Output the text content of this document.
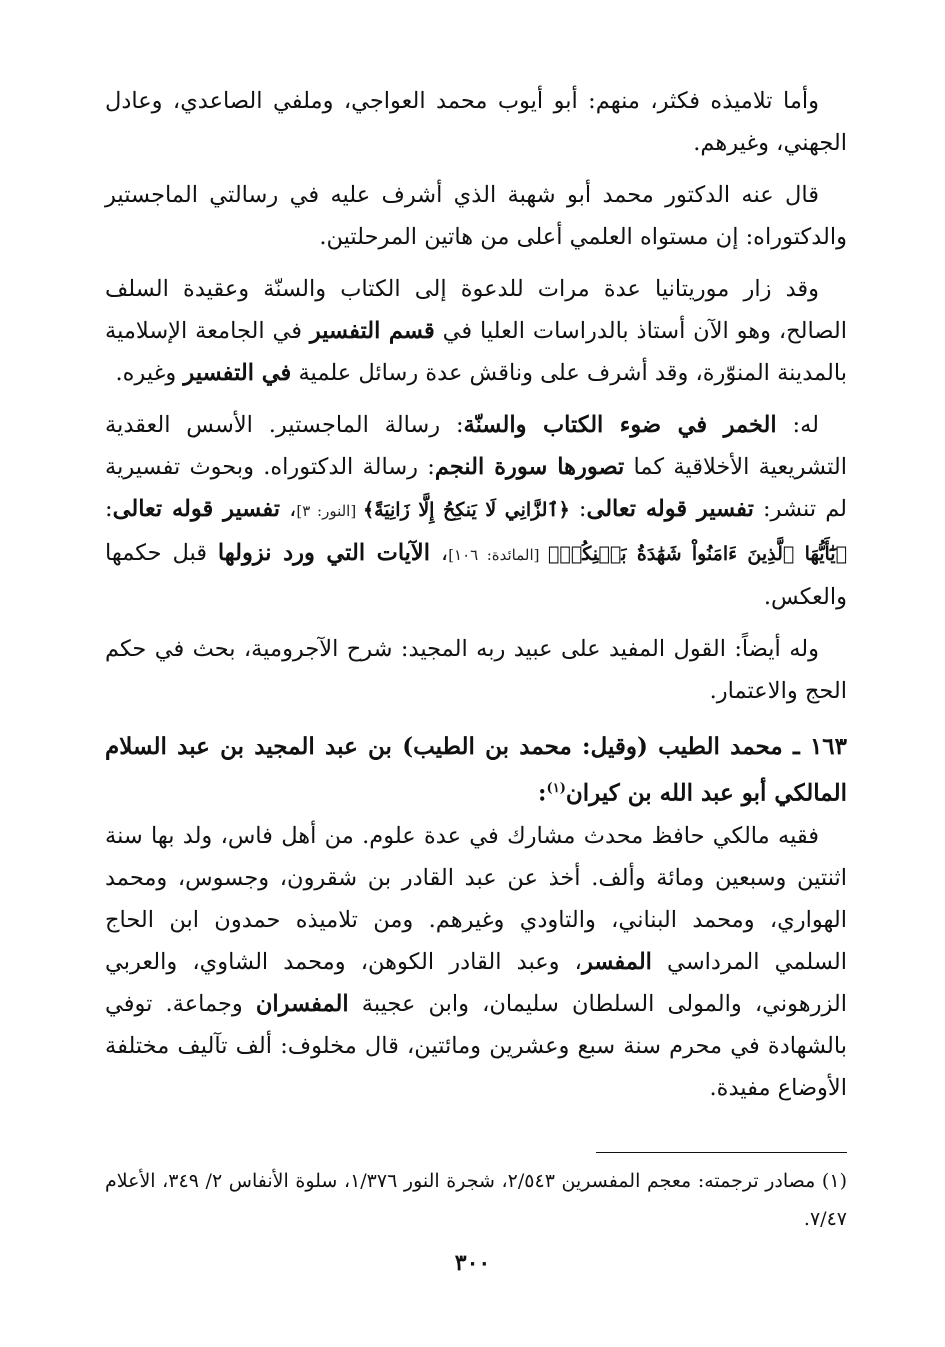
وأما تلاميذه فكثر، منهم: أبو أيوب محمد العواجي، وملفي الصاعدي، وعادل الجهني، وغيرهم.

قال عنه الدكتور محمد أبو شهبة الذي أشرف عليه في رسالتي الماجستير والدكتوراه: إن مستواه العلمي أعلى من هاتين المرحلتين.

وقد زار موريتانيا عدة مرات للدعوة إلى الكتاب والسنّة وعقيدة السلف الصالح، وهو الآن أستاذ بالدراسات العليا في قسم التفسير في الجامعة الإسلامية بالمدينة المنوّرة، وقد أشرف على وناقش عدة رسائل علمية في التفسير وغيره.

له: الخمر في ضوء الكتاب والسنّة: رسالة الماجستير. الأسس العقدية التشريعية الأخلاقية كما تصورها سورة النجم: رسالة الدكتوراه. وبحوث تفسيرية لم تنشر: تفسير قوله تعالى: ﴿ٱلزَّانِي لَا يَنكِحُ إِلَّا زَانِيَةً﴾ [النور: ٣]، تفسير قوله تعالى: ﴿يَٰٓأَيُّهَا ٱلَّذِينَ ءَامَنُواْ شَهَٰدَةُ بَيۡنِكُمۡ﴾ [المائدة: ١٠٦]، الآيات التي ورد نزولها قبل حكمها والعكس.

وله أيضاً: القول المفيد على عبيد ربه المجيد: شرح الآجرومية، بحث في حكم الحج والاعتمار.

١٦٣ ـ محمد الطيب (وقيل: محمد بن الطيب) بن عبد المجيد بن عبد السلام المالكي أبو عبد الله بن كيران$^{(١)}$:

فقيه مالكي حافظ محدث مشارك في عدة علوم. من أهل فاس، ولد بها سنة اثنتين وسبعين ومائة وألف. أخذ عن عبد القادر بن شقرون، وجسوس، ومحمد الهواري، ومحمد البناني، والتاودي وغيرهم. ومن تلاميذه حمدون ابن الحاج السلمي المرداسي المفسر، وعبد القادر الكوهن، ومحمد الشاوي، والعربي الزرهوني، والمولى السلطان سليمان، وابن عجيبة المفسران وجماعة. توفي بالشهادة في محرم سنة سبع وعشرين ومائتين، قال مخلوف: ألف تآليف مختلفة الأوضاع مفيدة.

(١) مصادر ترجمته: معجم المفسرين ٢/٥٤٣، شجرة النور ١/٣٧٦، سلوة الأنفاس ٢/ ٣٤٩، الأعلام ٧/٤٧.
٣٠٠
